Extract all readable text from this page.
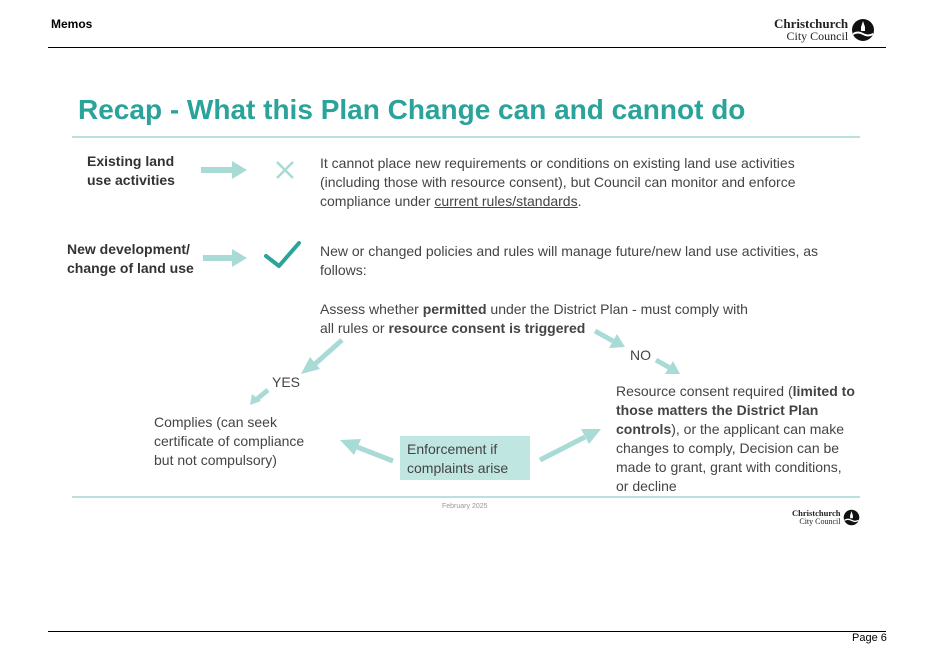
Memos	Christchurch
City Council
Recap - What this Plan Change can and cannot do
Existing land
use activities
It cannot place new requirements or conditions on existing land use activities
(including those with resource consent), but Council can monitor and enforce
compliance under current rules/standards.
New development/
change of land use
New or changed policies and rules will manage future/new land use activities, as
follows:
Assess whether permitted under the District Plan - must comply with
all rules or resource consent is triggered
YES
NO
Complies (can seek
certificate of compliance
but not compulsory)
Enforcement if
complaints arise
Resource consent required (limited to
those matters the District Plan
controls), or the applicant can make
changes to comply, Decision can be
made to grant, grant with conditions,
or decline
February 2025
Christchurch
City Council
Page 6
